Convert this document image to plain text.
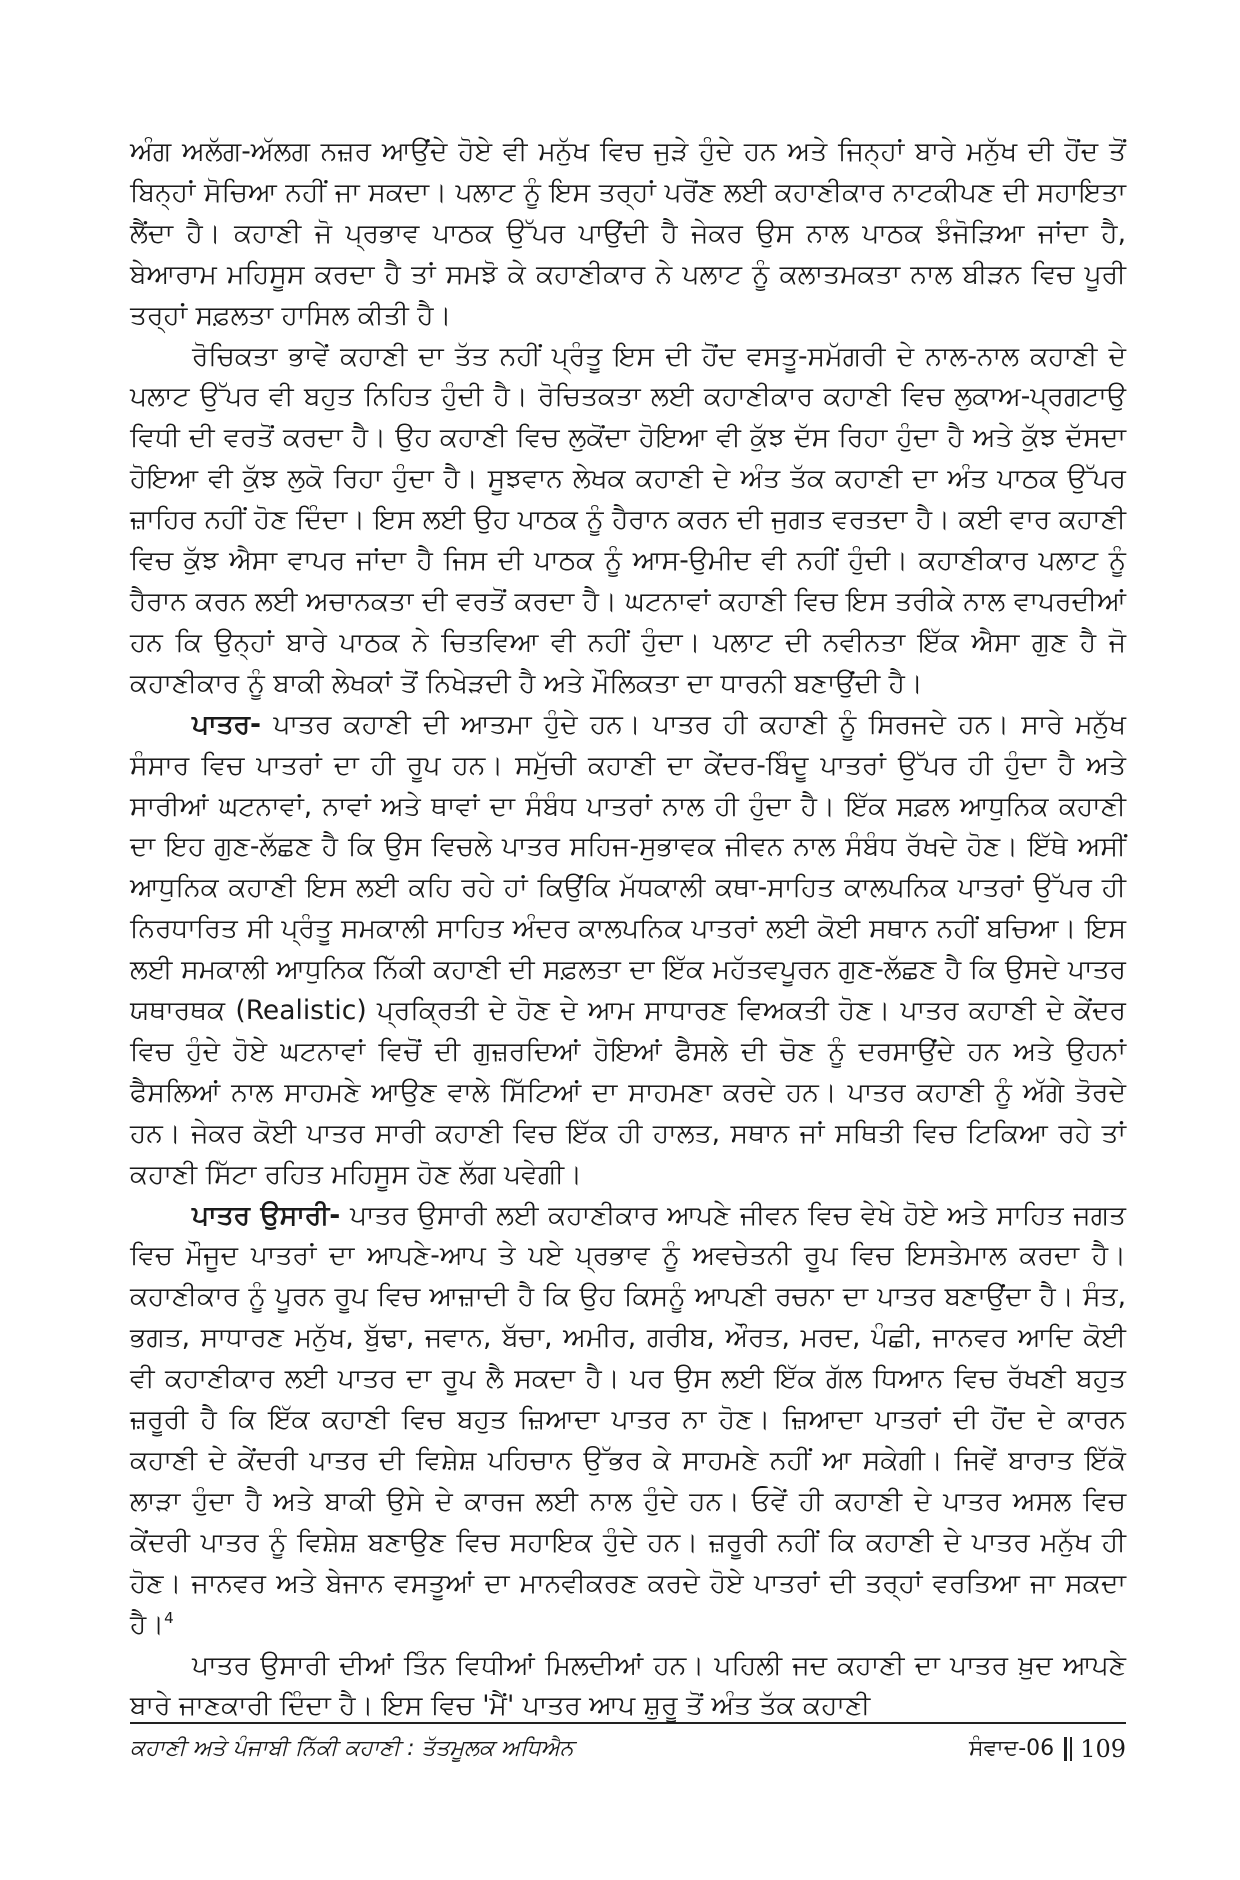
ਅੰਗ ਅਲੱਗ-ਅੱਲਗ ਨਜ਼ਰ ਆਉਂਦੇ ਹੋਏ ਵੀ ਮਨੁੱਖ ਵਿਚ ਜੁੜੇ ਹੁੰਦੇ ਹਨ ਅਤੇ ਜਿਨ੍ਹਾਂ ਬਾਰੇ ਮਨੁੱਖ ਦੀ ਹੋਂਦ ਤੋਂ ਬਿਨ੍ਹਾਂ ਸੋਚਿਆ ਨਹੀਂ ਜਾ ਸਕਦਾ। ਪਲਾਟ ਨੂੰ ਇਸ ਤਰ੍ਹਾਂ ਪਰੋਂਣ ਲਈ ਕਹਾਣੀਕਾਰ ਨਾਟਕੀਪਣ ਦੀ ਸਹਾਇਤਾ ਲੈਂਦਾ ਹੈ। ਕਹਾਣੀ ਜੋ ਪ੍ਰਭਾਵ ਪਾਠਕ ਉੱਪਰ ਪਾਉਂਦੀ ਹੈ ਜੇਕਰ ਉਸ ਨਾਲ ਪਾਠਕ ਝੰਜੋੜਿਆ ਜਾਂਦਾ ਹੈ, ਬੇਆਰਾਮ ਮਹਿਸੂਸ ਕਰਦਾ ਹੈ ਤਾਂ ਸਮਝੋ ਕੇ ਕਹਾਣੀਕਾਰ ਨੇ ਪਲਾਟ ਨੂੰ ਕਲਾਤਮਕਤਾ ਨਾਲ ਬੀੜਨ ਵਿਚ ਪੂਰੀ ਤਰ੍ਹਾਂ ਸਫ਼ਲਤਾ ਹਾਸਿਲ ਕੀਤੀ ਹੈ।

ਰੋਚਿਕਤਾ ਭਾਵੇਂ ਕਹਾਣੀ ਦਾ ਤੱਤ ਨਹੀਂ ਪ੍ਰੰਤੂ ਇਸ ਦੀ ਹੋਂਦ ਵਸਤੂ-ਸਮੱਗਰੀ ਦੇ ਨਾਲ-ਨਾਲ ਕਹਾਣੀ ਦੇ ਪਲਾਟ ਉੱਪਰ ਵੀ ਬਹੁਤ ਨਿਹਿਤ ਹੁੰਦੀ ਹੈ। ਰੋਚਿਤਕਤਾ ਲਈ ਕਹਾਣੀਕਾਰ ਕਹਾਣੀ ਵਿਚ ਲੁਕਾਅ-ਪ੍ਰਗਟਾਉ ਵਿਧੀ ਦੀ ਵਰਤੋਂ ਕਰਦਾ ਹੈ। ਉਹ ਕਹਾਣੀ ਵਿਚ ਲੁਕੋਂਦਾ ਹੋਇਆ ਵੀ ਕੁੱਝ ਦੱਸ ਰਿਹਾ ਹੁੰਦਾ ਹੈ ਅਤੇ ਕੁੱਝ ਦੱਸਦਾ ਹੋਇਆ ਵੀ ਕੁੱਝ ਲੁਕੋ ਰਿਹਾ ਹੁੰਦਾ ਹੈ। ਸੂਝਵਾਨ ਲੇਖਕ ਕਹਾਣੀ ਦੇ ਅੰਤ ਤੱਕ ਕਹਾਣੀ ਦਾ ਅੰਤ ਪਾਠਕ ਉੱਪਰ ਜ਼ਾਹਿਰ ਨਹੀਂ ਹੋਣ ਦਿੰਦਾ। ਇਸ ਲਈ ਉਹ ਪਾਠਕ ਨੂੰ ਹੈਰਾਨ ਕਰਨ ਦੀ ਜੁਗਤ ਵਰਤਦਾ ਹੈ। ਕਈ ਵਾਰ ਕਹਾਣੀ ਵਿਚ ਕੁੱਝ ਐਸਾ ਵਾਪਰ ਜਾਂਦਾ ਹੈ ਜਿਸ ਦੀ ਪਾਠਕ ਨੂੰ ਆਸ-ਉਮੀਦ ਵੀ ਨਹੀਂ ਹੁੰਦੀ। ਕਹਾਣੀਕਾਰ ਪਲਾਟ ਨੂੰ ਹੈਰਾਨ ਕਰਨ ਲਈ ਅਚਾਨਕਤਾ ਦੀ ਵਰਤੋਂ ਕਰਦਾ ਹੈ। ਘਟਨਾਵਾਂ ਕਹਾਣੀ ਵਿਚ ਇਸ ਤਰੀਕੇ ਨਾਲ ਵਾਪਰਦੀਆਂ ਹਨ ਕਿ ਉਨ੍ਹਾਂ ਬਾਰੇ ਪਾਠਕ ਨੇ ਚਿਤਵਿਆ ਵੀ ਨਹੀਂ ਹੁੰਦਾ। ਪਲਾਟ ਦੀ ਨਵੀਨਤਾ ਇੱਕ ਐਸਾ ਗੁਣ ਹੈ ਜੋ ਕਹਾਣੀਕਾਰ ਨੂੰ ਬਾਕੀ ਲੇਖਕਾਂ ਤੋਂ ਨਿਖੇੜਦੀ ਹੈ ਅਤੇ ਮੌਲਿਕਤਾ ਦਾ ਧਾਰਨੀ ਬਣਾਉਂਦੀ ਹੈ।

ਪਾਤਰ- ਪਾਤਰ ਕਹਾਣੀ ਦੀ ਆਤਮਾ ਹੁੰਦੇ ਹਨ। ਪਾਤਰ ਹੀ ਕਹਾਣੀ ਨੂੰ ਸਿਰਜਦੇ ਹਨ। ਸਾਰੇ ਮਨੁੱਖ ਸੰਸਾਰ ਵਿਚ ਪਾਤਰਾਂ ਦਾ ਹੀ ਰੂਪ ਹਨ। ਸਮੁੱਚੀ ਕਹਾਣੀ ਦਾ ਕੇਂਦਰ-ਬਿੰਦੂ ਪਾਤਰਾਂ ਉੱਪਰ ਹੀ ਹੁੰਦਾ ਹੈ ਅਤੇ ਸਾਰੀਆਂ ਘਟਨਾਵਾਂ, ਨਾਵਾਂ ਅਤੇ ਥਾਵਾਂ ਦਾ ਸੰਬੰਧ ਪਾਤਰਾਂ ਨਾਲ ਹੀ ਹੁੰਦਾ ਹੈ। ਇੱਕ ਸਫ਼ਲ ਆਧੁਨਿਕ ਕਹਾਣੀ ਦਾ ਇਹ ਗੁਣ-ਲੱਛਣ ਹੈ ਕਿ ਉਸ ਵਿਚਲੇ ਪਾਤਰ ਸਹਿਜ-ਸੁਭਾਵਕ ਜੀਵਨ ਨਾਲ ਸੰਬੰਧ ਰੱਖਦੇ ਹੋਣ। ਇੱਥੇ ਅਸੀਂ ਆਧੁਨਿਕ ਕਹਾਣੀ ਇਸ ਲਈ ਕਹਿ ਰਹੇ ਹਾਂ ਕਿਉਂਕਿ ਮੱਧਕਾਲੀ ਕਥਾ-ਸਾਹਿਤ ਕਾਲਪਨਿਕ ਪਾਤਰਾਂ ਉੱਪਰ ਹੀ ਨਿਰਧਾਰਿਤ ਸੀ ਪ੍ਰੰਤੂ ਸਮਕਾਲੀ ਸਾਹਿਤ ਅੰਦਰ ਕਾਲਪਨਿਕ ਪਾਤਰਾਂ ਲਈ ਕੋਈ ਸਥਾਨ ਨਹੀਂ ਬਚਿਆ। ਇਸ ਲਈ ਸਮਕਾਲੀ ਆਧੁਨਿਕ ਨਿੱਕੀ ਕਹਾਣੀ ਦੀ ਸਫ਼ਲਤਾ ਦਾ ਇੱਕ ਮਹੱਤਵਪੂਰਨ ਗੁਣ-ਲੱਛਣ ਹੈ ਕਿ ਉਸਦੇ ਪਾਤਰ ਯਥਾਰਥਕ (Realistic) ਪ੍ਰਕ੍ਰਿਤੀ ਦੇ ਹੋਣ ਦੇ ਆਮ ਸਾਧਾਰਣ ਵਿਅਕਤੀ ਹੋਣ। ਪਾਤਰ ਕਹਾਣੀ ਦੇ ਕੇਂਦਰ ਵਿਚ ਹੁੰਦੇ ਹੋਏ ਘਟਨਾਵਾਂ ਵਿਚੋਂ ਦੀ ਗੁਜ਼ਰਦਿਆਂ ਹੋਇਆਂ ਫੈਸਲੇ ਦੀ ਚੋਣ ਨੂੰ ਦਰਸਾਉਂਦੇ ਹਨ ਅਤੇ ਉਹਨਾਂ ਫੈਸਲਿਆਂ ਨਾਲ ਸਾਹਮਣੇ ਆਉਣ ਵਾਲੇ ਸਿੱਟਿਆਂ ਦਾ ਸਾਹਮਣਾ ਕਰਦੇ ਹਨ। ਪਾਤਰ ਕਹਾਣੀ ਨੂੰ ਅੱਗੇ ਤੋਰਦੇ ਹਨ। ਜੇਕਰ ਕੋਈ ਪਾਤਰ ਸਾਰੀ ਕਹਾਣੀ ਵਿਚ ਇੱਕ ਹੀ ਹਾਲਤ, ਸਥਾਨ ਜਾਂ ਸਥਿਤੀ ਵਿਚ ਟਿਕਿਆ ਰਹੇ ਤਾਂ ਕਹਾਣੀ ਸਿੱਟਾ ਰਹਿਤ ਮਹਿਸੂਸ ਹੋਣ ਲੱਗ ਪਵੇਗੀ।

ਪਾਤਰ ਉਸਾਰੀ- ਪਾਤਰ ਉਸਾਰੀ ਲਈ ਕਹਾਣੀਕਾਰ ਆਪਣੇ ਜੀਵਨ ਵਿਚ ਵੇਖੇ ਹੋਏ ਅਤੇ ਸਾਹਿਤ ਜਗਤ ਵਿਚ ਮੌਜੂਦ ਪਾਤਰਾਂ ਦਾ ਆਪਣੇ-ਆਪ ਤੇ ਪਏ ਪ੍ਰਭਾਵ ਨੂੰ ਅਵਚੇਤਨੀ ਰੂਪ ਵਿਚ ਇਸਤੇਮਾਲ ਕਰਦਾ ਹੈ। ਕਹਾਣੀਕਾਰ ਨੂੰ ਪੂਰਨ ਰੂਪ ਵਿਚ ਆਜ਼ਾਦੀ ਹੈ ਕਿ ਉਹ ਕਿਸਨੂੰ ਆਪਣੀ ਰਚਨਾ ਦਾ ਪਾਤਰ ਬਣਾਉਂਦਾ ਹੈ। ਸੰਤ, ਭਗਤ, ਸਾਧਾਰਣ ਮਨੁੱਖ, ਬੁੱਢਾ, ਜਵਾਨ, ਬੱਚਾ, ਅਮੀਰ, ਗਰੀਬ, ਔਰਤ, ਮਰਦ, ਪੰਛੀ, ਜਾਨਵਰ ਆਦਿ ਕੋਈ ਵੀ ਕਹਾਣੀਕਾਰ ਲਈ ਪਾਤਰ ਦਾ ਰੂਪ ਲੈ ਸਕਦਾ ਹੈ। ਪਰ ਉਸ ਲਈ ਇੱਕ ਗੱਲ ਧਿਆਨ ਵਿਚ ਰੱਖਣੀ ਬਹੁਤ ਜ਼ਰੂਰੀ ਹੈ ਕਿ ਇੱਕ ਕਹਾਣੀ ਵਿਚ ਬਹੁਤ ਜ਼ਿਆਦਾ ਪਾਤਰ ਨਾ ਹੋਣ। ਜ਼ਿਆਦਾ ਪਾਤਰਾਂ ਦੀ ਹੋਂਦ ਦੇ ਕਾਰਨ ਕਹਾਣੀ ਦੇ ਕੇਂਦਰੀ ਪਾਤਰ ਦੀ ਵਿਸ਼ੇਸ਼ ਪਹਿਚਾਨ ਉੱਭਰ ਕੇ ਸਾਹਮਣੇ ਨਹੀਂ ਆ ਸਕੇਗੀ। ਜਿਵੇਂ ਬਾਰਾਤ ਇੱਕੋ ਲਾੜਾ ਹੁੰਦਾ ਹੈ ਅਤੇ ਬਾਕੀ ਉਸੇ ਦੇ ਕਾਰਜ ਲਈ ਨਾਲ ਹੁੰਦੇ ਹਨ। ਓਵੇਂ ਹੀ ਕਹਾਣੀ ਦੇ ਪਾਤਰ ਅਸਲ ਵਿਚ ਕੇਂਦਰੀ ਪਾਤਰ ਨੂੰ ਵਿਸ਼ੇਸ਼ ਬਣਾਉਣ ਵਿਚ ਸਹਾਇਕ ਹੁੰਦੇ ਹਨ। ਜ਼ਰੂਰੀ ਨਹੀਂ ਕਿ ਕਹਾਣੀ ਦੇ ਪਾਤਰ ਮਨੁੱਖ ਹੀ ਹੋਣ। ਜਾਨਵਰ ਅਤੇ ਬੇਜਾਨ ਵਸਤੂਆਂ ਦਾ ਮਾਨਵੀਕਰਣ ਕਰਦੇ ਹੋਏ ਪਾਤਰਾਂ ਦੀ ਤਰ੍ਹਾਂ ਵਰਤਿਆ ਜਾ ਸਕਦਾ ਹੈ।$^4$

ਪਾਤਰ ਉਸਾਰੀ ਦੀਆਂ ਤਿੰਨ ਵਿਧੀਆਂ ਮਿਲਦੀਆਂ ਹਨ। ਪਹਿਲੀ ਜਦ ਕਹਾਣੀ ਦਾ ਪਾਤਰ ਖ਼ੁਦ ਆਪਣੇ ਬਾਰੇ ਜਾਣਕਾਰੀ ਦਿੰਦਾ ਹੈ। ਇਸ ਵਿਚ 'ਮੈਂ' ਪਾਤਰ ਆਪ ਸ਼ੁਰੂ ਤੋਂ ਅੰਤ ਤੱਕ ਕਹਾਣੀ

ਕਹਾਣੀ ਅਤੇ ਪੰਜਾਬੀ ਨਿੱਕੀ ਕਹਾਣੀ : ਤੱਤਮੂਲਕ ਅਧਿਐਨ	ਸੰਵਾਦ-06 109
